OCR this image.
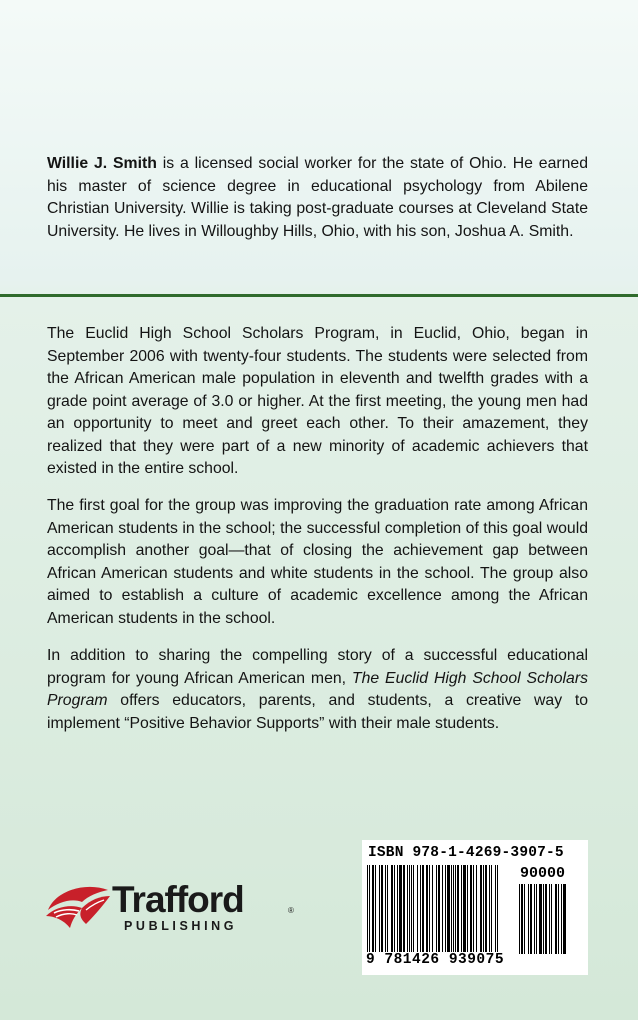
Willie J. Smith is a licensed social worker for the state of Ohio. He earned his master of science degree in educational psychology from Abilene Christian University. Willie is taking post-graduate courses at Cleveland State University. He lives in Willoughby Hills, Ohio, with his son, Joshua A. Smith.

The Euclid High School Scholars Program, in Euclid, Ohio, began in September 2006 with twenty-four students. The students were selected from the African American male population in eleventh and twelfth grades with a grade point average of 3.0 or higher. At the first meeting, the young men had an opportunity to meet and greet each other. To their amazement, they realized that they were part of a new minority of academic achievers that existed in the entire school.

The first goal for the group was improving the graduation rate among African American students in the school; the successful completion of this goal would accomplish another goal—that of closing the achievement gap between African American students and white students in the school. The group also aimed to establish a culture of academic excellence among the African American students in the school.

In addition to sharing the compelling story of a successful educational program for young African American men, The Euclid High School Scholars Program offers educators, parents, and students, a creative way to implement “Positive Behavior Supports” with their male students.

Trafford	®
PUBLISHING
ISBN 978-1-4269-3907-5
90000
9 781426 939075
